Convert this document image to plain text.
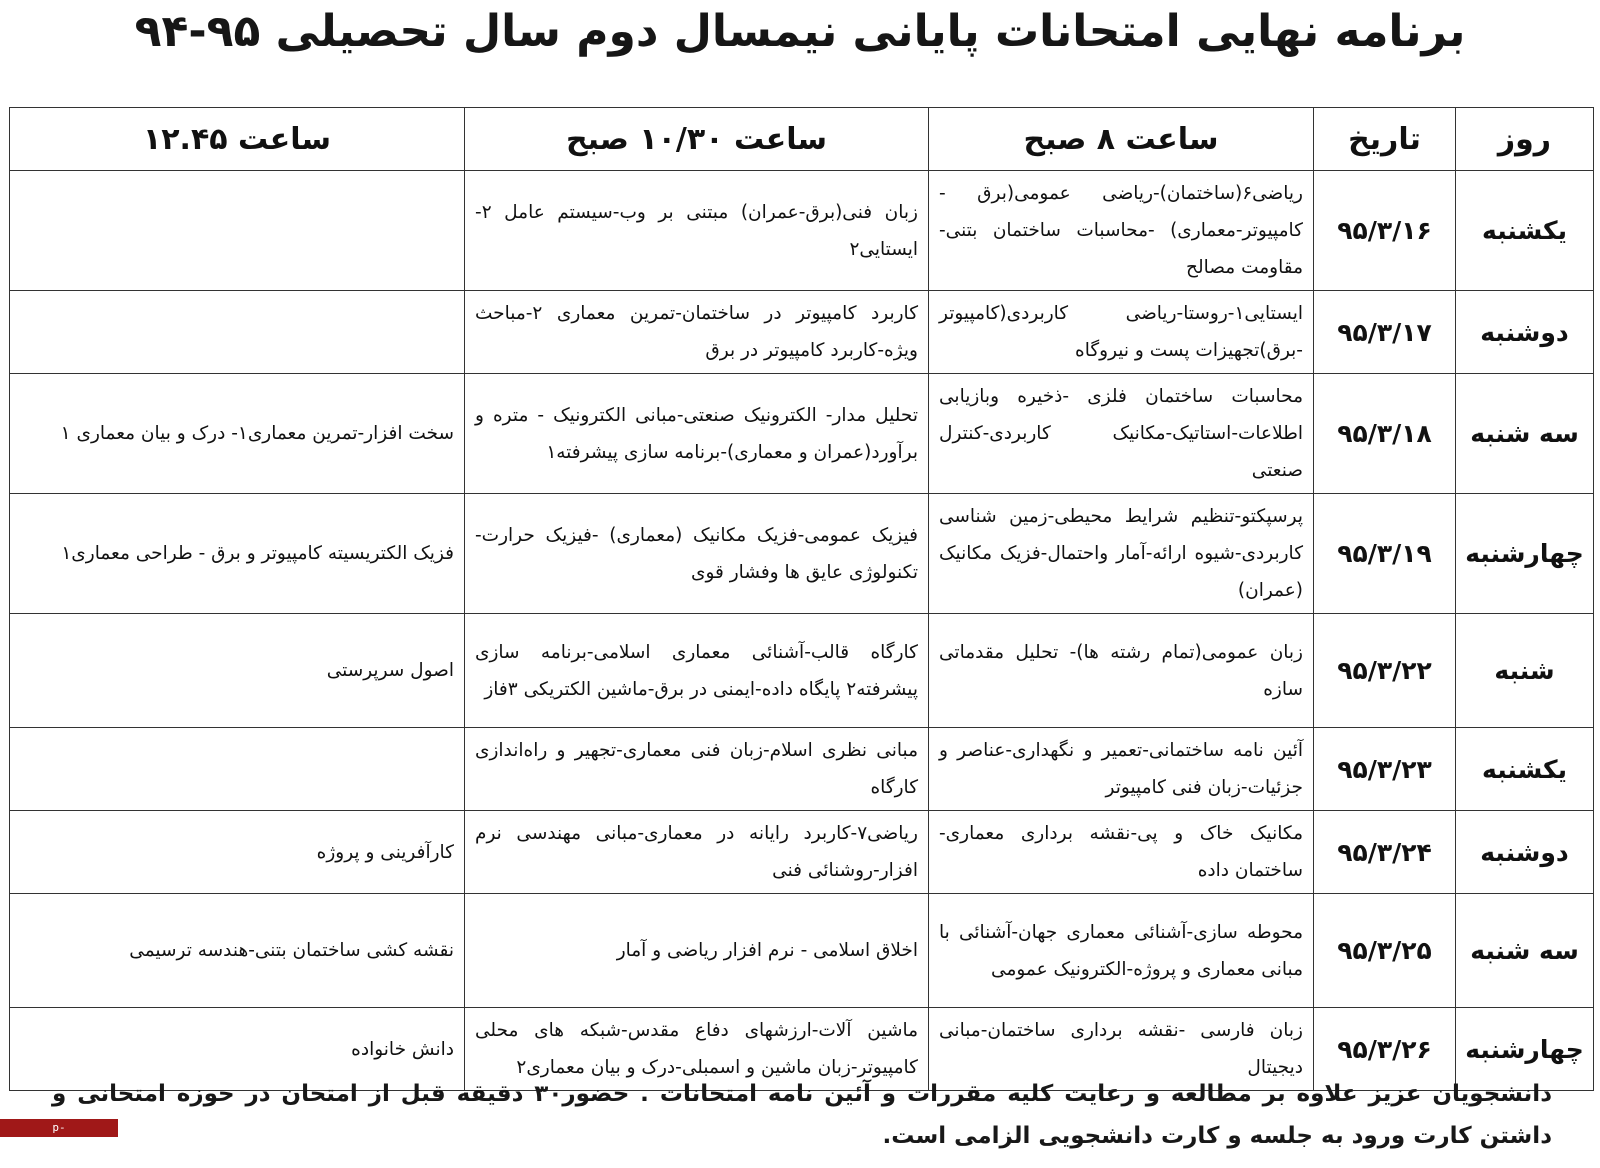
برنامه نهایی امتحانات پایانی نیمسال دوم سال تحصیلی ۹۵-۹۴
روز	تاریخ	ساعت ۸ صبح	ساعت ۱۰/۳۰ صبح	ساعت ۱۲.۴۵
یکشنبه	۹۵/۳/۱۶	ریاضی۶(ساختمان)-ریاضی عمومی(برق - کامپیوتر-معماری) -محاسبات ساختمان بتنی-مقاومت مصالح	زبان فنی(برق-عمران) مبتنی بر وب-سیستم عامل ۲-ایستایی۲	
دوشنبه	۹۵/۳/۱۷	ایستایی۱-روستا-ریاضی کاربردی(کامپیوتر -برق)تجهیزات پست و نیروگاه	کاربرد کامپیوتر در ساختمان-تمرین معماری ۲-مباحث ویژه-کاربرد کامپیوتر در برق	
سه شنبه	۹۵/۳/۱۸	محاسبات ساختمان فلزی -ذخیره وبازیابی اطلاعات-استاتیک-مکانیک کاربردی-کنترل صنعتی	تحلیل مدار- الکترونیک صنعتی-مبانی الکترونیک - متره و برآورد(عمران و معماری)-برنامه سازی پیشرفته۱	سخت افزار-تمرین معماری۱- درک و بیان معماری ۱
چهارشنبه	۹۵/۳/۱۹	پرسپکتو-تنظیم شرایط محیطی-زمین شناسی کاربردی-شیوه ارائه-آمار واحتمال-فزیک مکانیک (عمران)	فیزیک عمومی-فزیک مکانیک (معماری) -فیزیک حرارت-تکنولوژی عایق ها وفشار قوی	فزیک الکتریسیته کامپیوتر و برق - طراحی معماری۱
شنبه	۹۵/۳/۲۲	زبان عمومی(تمام رشته ها)- تحلیل مقدماتی سازه	کارگاه قالب-آشنائی معماری اسلامی-برنامه سازی پیشرفته۲ پایگاه داده-ایمنی در برق-ماشین الکتریکی ۳فاز	اصول سرپرستی
یکشنبه	۹۵/۳/۲۳	آئین نامه ساختمانی-تعمیر و نگهداری-عناصر و جزئیات-زبان فنی کامپیوتر	مبانی نظری اسلام-زبان فنی معماری-تجهیر و راه‌اندازی کارگاه	
دوشنبه	۹۵/۳/۲۴	مکانیک خاک و پی-نقشه برداری معماری-ساختمان داده	ریاضی۷-کاربرد رایانه در معماری-مبانی مهندسی نرم افزار-روشنائی فنی	کارآفرینی و پروژه
سه شنبه	۹۵/۳/۲۵	محوطه سازی-آشنائی معماری جهان-آشنائی با مبانی معماری و پروژه-الکترونیک عمومی	اخلاق اسلامی - نرم افزار ریاضی و آمار	نقشه کشی ساختمان بتنی-هندسه ترسیمی
چهارشنبه	۹۵/۳/۲۶	زبان فارسی -نقشه برداری ساختمان-مبانی دیجیتال	ماشین آلات-ارزشهای دفاع مقدس-شبکه های محلی کامپیوتر-زبان ماشین و اسمبلی-درک و بیان معماری۲	دانش خانواده
دانشجویان عزیز علاوه بر مطالعه و رعایت کلیه مقررات و آئین نامه امتحانات . حضور۳۰ دقیقه قبل از امتحان در حوزه امتحانی و داشتن کارت ورود به جلسه و کارت دانشجویی الزامی است.
p-estahban.nus.ac.ir
